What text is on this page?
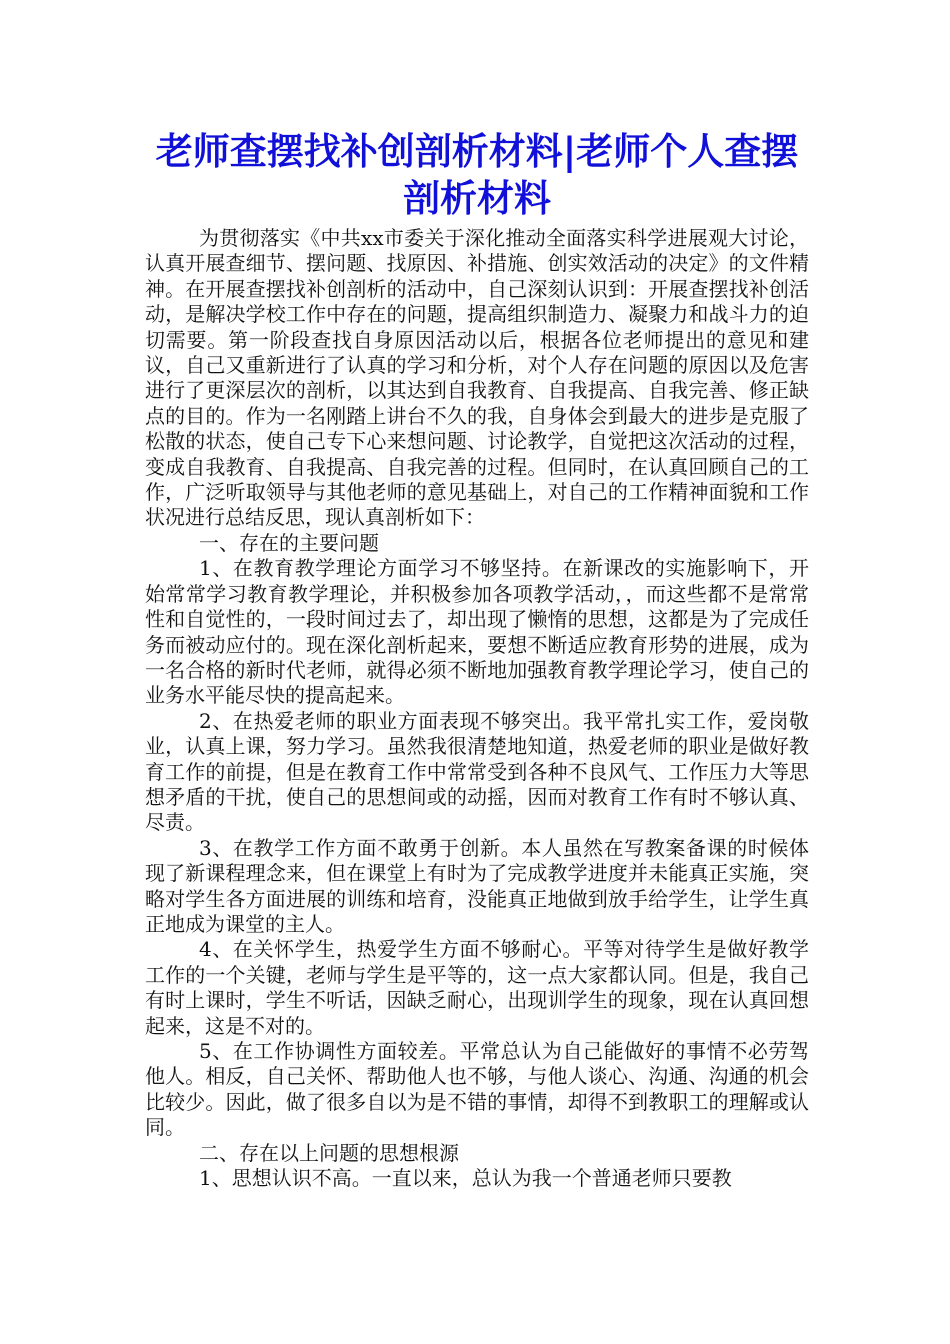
老师查摆找补创剖析材料|老师个人查摆剖析材料

为贯彻落实《中共xx市委关于深化推动全面落实科学进展观大讨论，认真开展查细节、摆问题、找原因、补措施、创实效活动的决定》的文件精神。在开展查摆找补创剖析的活动中，自己深刻认识到：开展查摆找补创活动，是解决学校工作中存在的问题，提高组织制造力、凝聚力和战斗力的迫切需要。第一阶段查找自身原因活动以后，根据各位老师提出的意见和建议，自己又重新进行了认真的学习和分析，对个人存在问题的原因以及危害进行了更深层次的剖析，以其达到自我教育、自我提高、自我完善、修正缺点的目的。作为一名刚踏上讲台不久的我，自身体会到最大的进步是克服了松散的状态，使自己专下心来想问题、讨论教学，自觉把这次活动的过程，变成自我教育、自我提高、自我完善的过程。但同时，在认真回顾自己的工作，广泛听取领导与其他老师的意见基础上，对自己的工作精神面貌和工作状况进行总结反思，现认真剖析如下：

一、存在的主要问题

1、在教育教学理论方面学习不够坚持。在新课改的实施影响下，开始常常学习教育教学理论，并积极参加各项教学活动，，而这些都不是常常性和自觉性的，一段时间过去了，却出现了懒惰的思想，这都是为了完成任务而被动应付的。现在深化剖析起来，要想不断适应教育形势的进展，成为一名合格的新时代老师，就得必须不断地加强教育教学理论学习，使自己的业务水平能尽快的提高起来。

2、在热爱老师的职业方面表现不够突出。我平常扎实工作，爱岗敬业，认真上课，努力学习。虽然我很清楚地知道，热爱老师的职业是做好教育工作的前提，但是在教育工作中常常受到各种不良风气、工作压力大等思想矛盾的干扰，使自己的思想间或的动摇，因而对教育工作有时不够认真、尽责。

3、在教学工作方面不敢勇于创新。本人虽然在写教案备课的时候体现了新课程理念来，但在课堂上有时为了完成教学进度并未能真正实施，突略对学生各方面进展的训练和培育，没能真正地做到放手给学生，让学生真正地成为课堂的主人。

4、在关怀学生，热爱学生方面不够耐心。平等对待学生是做好教学工作的一个关键，老师与学生是平等的，这一点大家都认同。但是，我自己有时上课时，学生不听话，因缺乏耐心，出现训学生的现象，现在认真回想起来，这是不对的。

5、在工作协调性方面较差。平常总认为自己能做好的事情不必劳驾他人。相反，自己关怀、帮助他人也不够，与他人谈心、沟通、沟通的机会比较少。因此，做了很多自以为是不错的事情，却得不到教职工的理解或认同。

二、存在以上问题的思想根源

1、思想认识不高。一直以来，总认为我一个普通老师只要教
